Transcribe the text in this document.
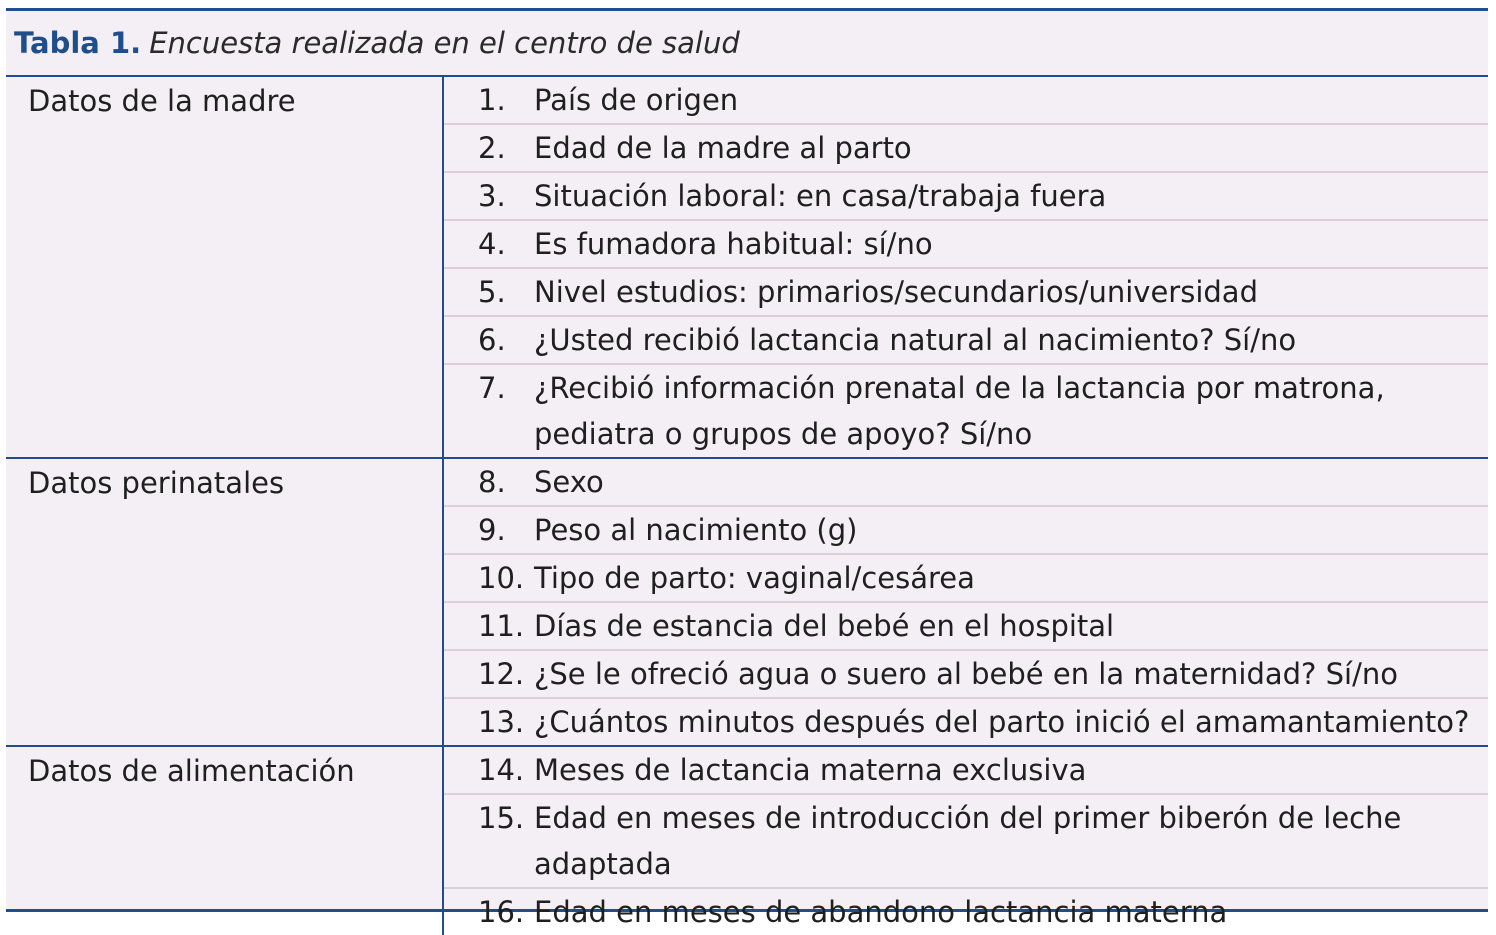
Tabla 1. Encuesta realizada en el centro de salud
Datos de la madre	1. País de origen
2. Edad de la madre al parto
3. Situación laboral: en casa/trabaja fuera
4. Es fumadora habitual: sí/no
5. Nivel estudios: primarios/secundarios/universidad
6. ¿Usted recibió lactancia natural al nacimiento? Sí/no
7. ¿Recibió información prenatal de la lactancia por matrona, pediatra o grupos de apoyo? Sí/no
Datos perinatales	8. Sexo
9. Peso al nacimiento (g)
10. Tipo de parto: vaginal/cesárea
11. Días de estancia del bebé en el hospital
12. ¿Se le ofreció agua o suero al bebé en la maternidad? Sí/no
13. ¿Cuántos minutos después del parto inició el amamantamiento?
Datos de alimentación	14. Meses de lactancia materna exclusiva
15. Edad en meses de introducción del primer biberón de leche adaptada
16. Edad en meses de abandono lactancia materna
